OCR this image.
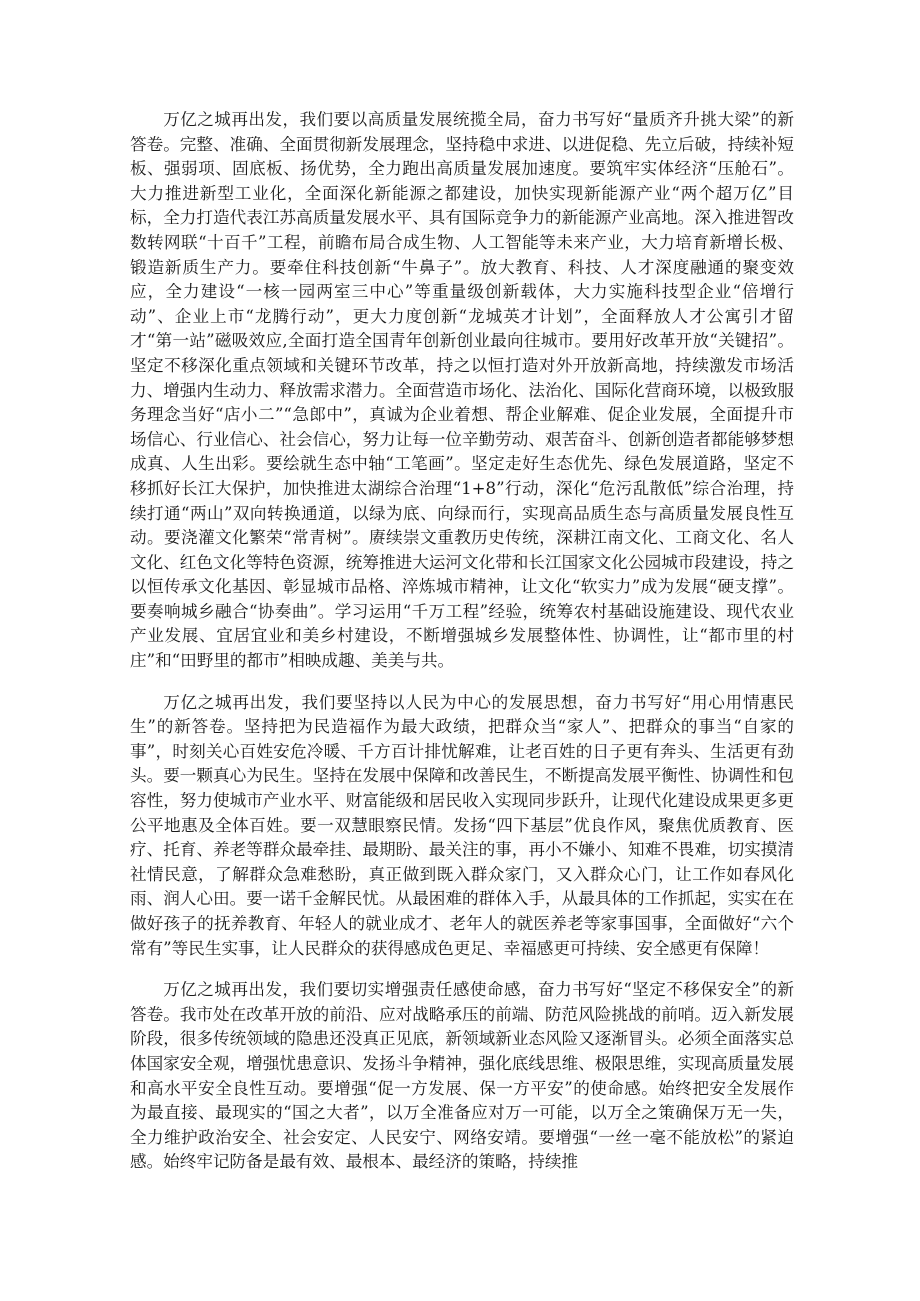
万亿之城再出发，我们要以高质量发展统揽全局，奋力书写好“量质齐升挑大梁”的新答卷。完整、准确、全面贯彻新发展理念，坚持稳中求进、以进促稳、先立后破，持续补短板、强弱项、固底板、扬优势，全力跑出高质量发展加速度。要筑牢实体经济“压舱石”。大力推进新型工业化，全面深化新能源之都建设，加快实现新能源产业“两个超万亿”目标，全力打造代表江苏高质量发展水平、具有国际竞争力的新能源产业高地。深入推进智改数转网联“十百千”工程，前瞻布局合成生物、人工智能等未来产业，大力培育新增长极、锻造新质生产力。要牵住科技创新“牛鼻子”。放大教育、科技、人才深度融通的聚变效应，全力建设“一核一园两室三中心”等重量级创新载体，大力实施科技型企业“倍增行动”、企业上市“龙腾行动”，更大力度创新“龙城英才计划”，全面释放人才公寓引才留才“第一站”磁吸效应,全面打造全国青年创新创业最向往城市。要用好改革开放“关键招”。坚定不移深化重点领域和关键环节改革，持之以恒打造对外开放新高地，持续激发市场活力、增强内生动力、释放需求潜力。全面营造市场化、法治化、国际化营商环境，以极致服务理念当好“店小二”“急郎中”，真诚为企业着想、帮企业解难、促企业发展，全面提升市场信心、行业信心、社会信心，努力让每一位辛勤劳动、艰苦奋斗、创新创造者都能够梦想成真、人生出彩。要绘就生态中轴“工笔画”。坚定走好生态优先、绿色发展道路，坚定不移抓好长江大保护，加快推进太湖综合治理“1+8”行动，深化“危污乱散低”综合治理，持续打通“两山”双向转换通道，以绿为底、向绿而行，实现高品质生态与高质量发展良性互动。要浇灌文化繁荣“常青树”。赓续崇文重教历史传统，深耕江南文化、工商文化、名人文化、红色文化等特色资源，统筹推进大运河文化带和长江国家文化公园城市段建设，持之以恒传承文化基因、彰显城市品格、淬炼城市精神，让文化“软实力”成为发展“硬支撑”。要奏响城乡融合“协奏曲”。学习运用“千万工程”经验，统筹农村基础设施建设、现代农业产业发展、宜居宜业和美乡村建设，不断增强城乡发展整体性、协调性，让“都市里的村庄”和“田野里的都市”相映成趣、美美与共。

万亿之城再出发，我们要坚持以人民为中心的发展思想，奋力书写好“用心用情惠民生”的新答卷。坚持把为民造福作为最大政绩，把群众当“家人”、把群众的事当“自家的事”，时刻关心百姓安危冷暖、千方百计排忧解难，让老百姓的日子更有奔头、生活更有劲头。要一颗真心为民生。坚持在发展中保障和改善民生，不断提高发展平衡性、协调性和包容性，努力使城市产业水平、财富能级和居民收入实现同步跃升，让现代化建设成果更多更公平地惠及全体百姓。要一双慧眼察民情。发扬“四下基层”优良作风，聚焦优质教育、医疗、托育、养老等群众最牵挂、最期盼、最关注的事，再小不嫌小、知难不畏难，切实摸清社情民意，了解群众急难愁盼，真正做到既入群众家门，又入群众心门，让工作如春风化雨、润人心田。要一诺千金解民忧。从最困难的群体入手，从最具体的工作抓起，实实在在做好孩子的抚养教育、年轻人的就业成才、老年人的就医养老等家事国事，全面做好“六个常有”等民生实事，让人民群众的获得感成色更足、幸福感更可持续、安全感更有保障！

万亿之城再出发，我们要切实增强责任感使命感，奋力书写好“坚定不移保安全”的新答卷。我市处在改革开放的前沿、应对战略承压的前端、防范风险挑战的前哨。迈入新发展阶段，很多传统领域的隐患还没真正见底，新领域新业态风险又逐渐冒头。必须全面落实总体国家安全观，增强忧患意识、发扬斗争精神，强化底线思维、极限思维，实现高质量发展和高水平安全良性互动。要增强“促一方发展、保一方平安”的使命感。始终把安全发展作为最直接、最现实的“国之大者”，以万全准备应对万一可能，以万全之策确保万无一失，全力维护政治安全、社会安定、人民安宁、网络安靖。要增强“一丝一毫不能放松”的紧迫感。始终牢记防备是最有效、最根本、最经济的策略，持续推
